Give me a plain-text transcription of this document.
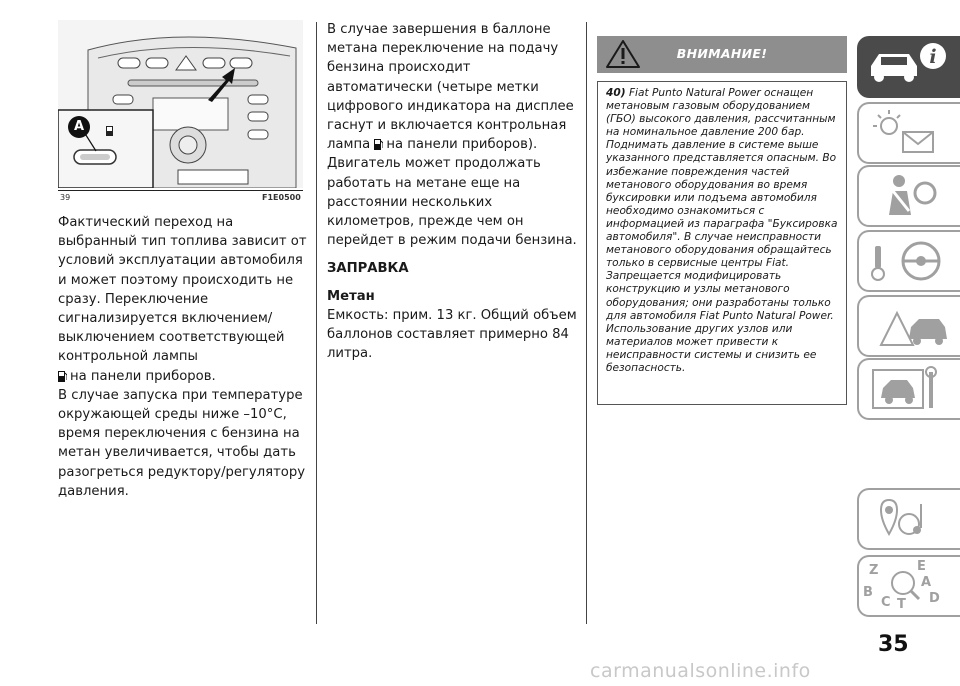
A
39	F1E0500

Фактический переход на выбранный тип топлива зависит от условий эксплуатации автомобиля и может поэтому происходить не сразу. Переключение сигнализируется включением/выключением соответствующей контрольной лампы
на панели приборов.

В случае запуска при температуре окружающей среды ниже –10°C, время переключения с бензина на метан увеличивается, чтобы дать разогреться редуктору/регулятору давления.

В случае завершения в баллоне метана переключение на подачу бензина происходит автоматически (четыре метки цифрового индикатора на дисплее гаснут и включается контрольная лампа на панели приборов). Двигатель может продолжать работать на метане еще на расстоянии нескольких километров, прежде чем он перейдет в режим подачи бензина.

ЗАПРАВКА

Метан

Емкость: прим. 13 кг. Общий объем баллонов составляет примерно 84 литра.

ВНИМАНИЕ!
40) Fiat Punto Natural Power оснащен метановым газовым оборудованием (ГБО) высокого давления, рассчитанным на номинальное давление 200 бар. Поднимать давление в системе выше указанного представляется опасным. Во избежание повреждения частей метанового оборудования во время буксировки или подъема автомобиля необходимо ознакомиться с информацией из параграфа "Буксировка автомобиля". В случае неисправности метанового оборудования обращайтесь только в сервисные центры Fiat. Запрещается модифицировать конструкцию и узлы метанового оборудования; они разработаны только для автомобиля Fiat Punto Natural Power. Использование других узлов или материалов может привести к неисправности системы и снизить ее безопасность.
i
Z	E
B
A
C	D
T
35
carmanualsonline.info
